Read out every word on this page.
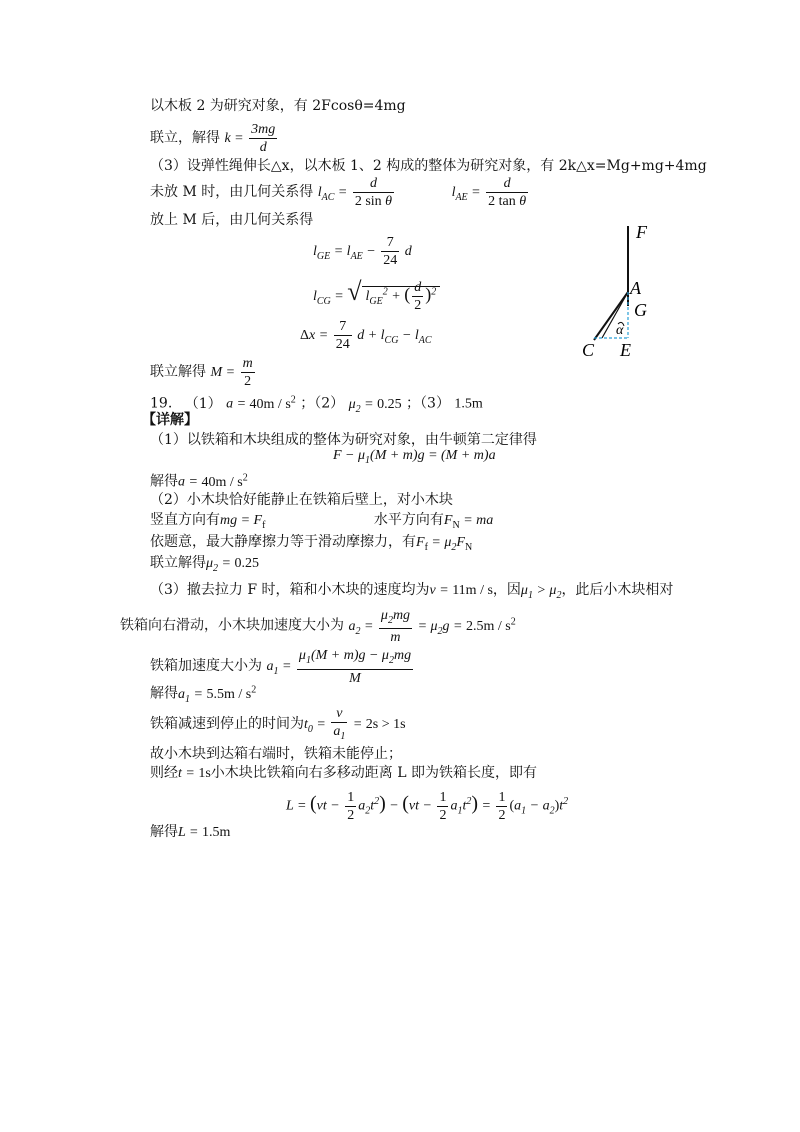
以木板 2 为研究对象，有 2Fcosθ=4mg
联立，解得 $k = \frac{3mg}{d}$
（3）设弹性绳伸长△x，以木板 1、2 构成的整体为研究对象，有 2k△x=Mg+mg+4mg
未放 M 时，由几何关系得 $l_{AC} = \frac{d}{\text{2 sin θ}}$	$l_{AE} = \frac{d}{\text{2 tan θ}}$
放上 M 后，由几何关系得
$l_{GE} = l_{AE} - \frac{7}{24}$ d
$l_{CG}$ = √ $l_{GE}^2$ + ( $\frac{d}{2} )^2$
$\Delta x = \frac{7}{24}$ $d + l_{CG} - l_{AC}$
联立解得 $M = \frac{m}{2}$
F
A
G
C E
α
19. （1） $a = 40m / s^2$ ；（2） $\mu_2 = 0.25$ ；（3） 1.5m
【详解】
（1）以铁箱和木块组成的整体为研究对象，由牛顿第二定律得
$F - \mu_1(M + m)g = (M + m)a$
解得$a = 40m / s^2$
（2）小木块恰好能静止在铁箱后壁上，对小木块
竖直方向有mg = $F_f$	水平方向有$F_N$ = ma
依题意，最大静摩擦力等于滑动摩擦力，有$F_f = \mu_2F_N$
联立解得$\mu_2 = 0.25$
（3）撤去拉力 F 时，箱和小木块的速度均为v = 11m / s，因$\mu_1 > \mu_2$，此后小木块相对
铁箱向右滑动，小木块加速度大小为 $a_2 = \frac{\mu_2mg}{m} = \mu_2g = 2.5m / s^2$
铁箱加速度大小为 $a_1 = \frac{\mu_1(M + m)g - \mu_2mg}{M}$
解得$a_1 = 5.5m / s^2$
铁箱减速到停止的时间为$t_0 = \frac{v}{a_1} = 2s > 1s$
故小木块到达箱右端时，铁箱未能停止；
则经t = 1s小木块比铁箱向右多移动距离 L 即为铁箱长度，即有
$L = (vt - \frac{1}{2} a_2t^2) - (vt - \frac{1}{2} a_1t^2) = \frac{1}{2} (a_1 - a_2)t^2$
解得L = 1.5m
